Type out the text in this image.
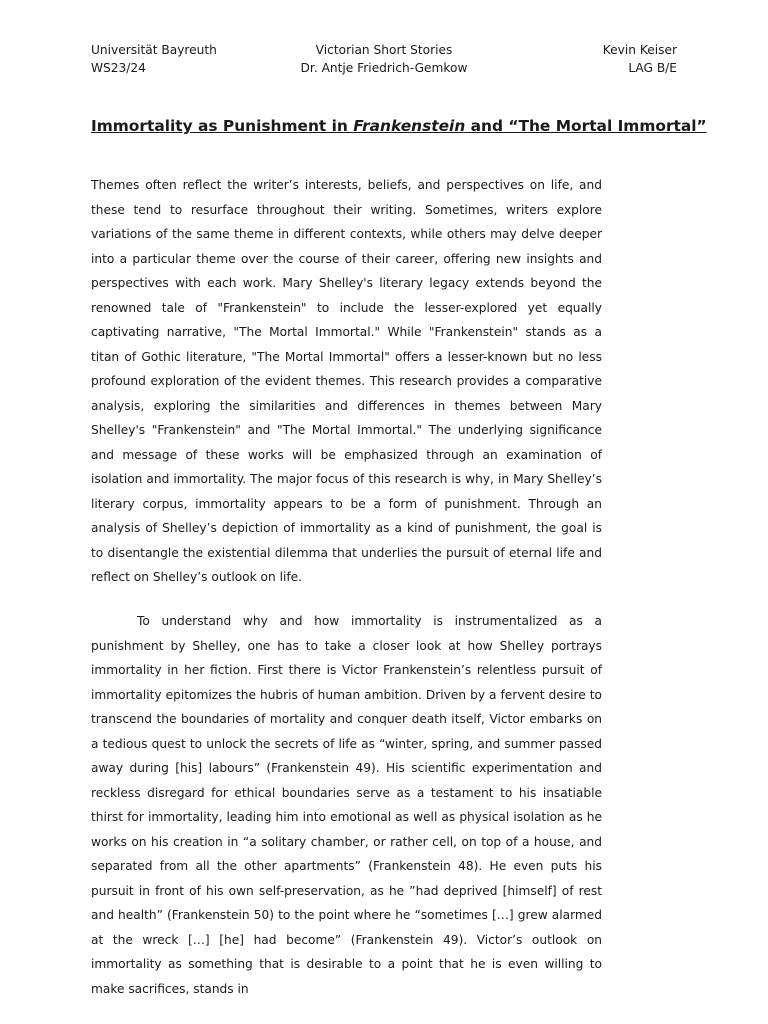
Universität Bayreuth
WS23/24
Victorian Short Stories
Dr. Antje Friedrich-Gemkow
Kevin Keiser
LAG B/E
Immortality as Punishment in Frankenstein and “The Mortal Immortal”

Themes often reflect the writer’s interests, beliefs, and perspectives on life, and these tend to resurface throughout their writing. Sometimes, writers explore variations of the same theme in different contexts, while others may delve deeper into a particular theme over the course of their career, offering new insights and perspectives with each work. Mary Shelley's literary legacy extends beyond the renowned tale of "Frankenstein" to include the lesser-explored yet equally captivating narrative, "The Mortal Immortal." While "Frankenstein" stands as a titan of Gothic literature, "The Mortal Immortal" offers a lesser-known but no less profound exploration of the evident themes. This research provides a comparative analysis, exploring the similarities and differences in themes between Mary Shelley's "Frankenstein" and "The Mortal Immortal." The underlying significance and message of these works will be emphasized through an examination of isolation and immortality. The major focus of this research is why, in Mary Shelley’s literary corpus, immortality appears to be a form of punishment. Through an analysis of Shelley’s depiction of immortality as a kind of punishment, the goal is to disentangle the existential dilemma that underlies the pursuit of eternal life and reflect on Shelley’s outlook on life.

To understand why and how immortality is instrumentalized as a punishment by Shelley, one has to take a closer look at how Shelley portrays immortality in her fiction. First there is Victor Frankenstein’s relentless pursuit of immortality epitomizes the hubris of human ambition. Driven by a fervent desire to transcend the boundaries of mortality and conquer death itself, Victor embarks on a tedious quest to unlock the secrets of life as “winter, spring, and summer passed away during [his] labours” (Frankenstein 49). His scientific experimentation and reckless disregard for ethical boundaries serve as a testament to his insatiable thirst for immortality, leading him into emotional as well as physical isolation as he works on his creation in “a solitary chamber, or rather cell, on top of a house, and separated from all the other apartments” (Frankenstein 48). He even puts his pursuit in front of his own self-preservation, as he ”had deprived [himself] of rest and health” (Frankenstein 50) to the point where he “sometimes […] grew alarmed at the wreck […] [he] had become” (Frankenstein 49). Victor’s outlook on immortality as something that is desirable to a point that he is even willing to make sacrifices, stands in
